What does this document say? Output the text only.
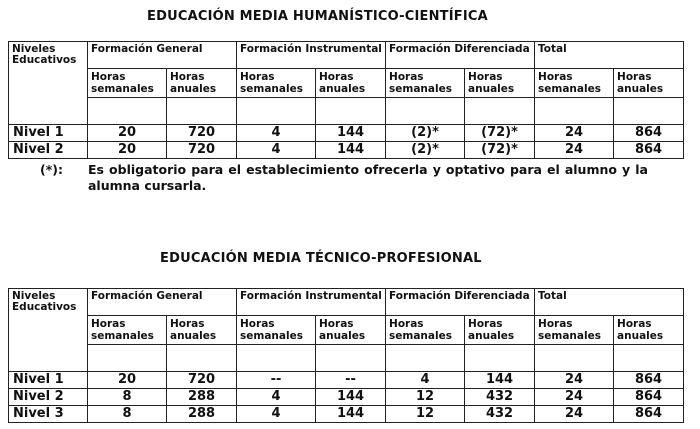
EDUCACIÓN MEDIA HUMANÍSTICO-CIENTÍFICA
Niveles Educativos	Formación General		Formación Instrumental		Formación Diferenciada		Total	
	Horas semanales	Horas anuales	Horas semanales	Horas anuales	Horas semanales	Horas anuales	Horas semanales	Horas anuales

Nivel 1	20	720	4	144	(2)*	(72)*	24	864
Nivel 2	20	720	4	144	(2)*	(72)*	24	864
(*): Es obligatorio para el establecimiento ofrecerla y optativo para el alumno y la alumna cursarla.
EDUCACIÓN MEDIA TÉCNICO-PROFESIONAL
Niveles Educativos	Formación General		Formación Instrumental		Formación Diferenciada		Total	
	Horas semanales	Horas anuales	Horas semanales	Horas anuales	Horas semanales	Horas anuales	Horas semanales	Horas anuales

Nivel 1	20	720	--	--	4	144	24	864
Nivel 2	8	288	4	144	12	432	24	864
Nivel 3	8	288	4	144	12	432	24	864
